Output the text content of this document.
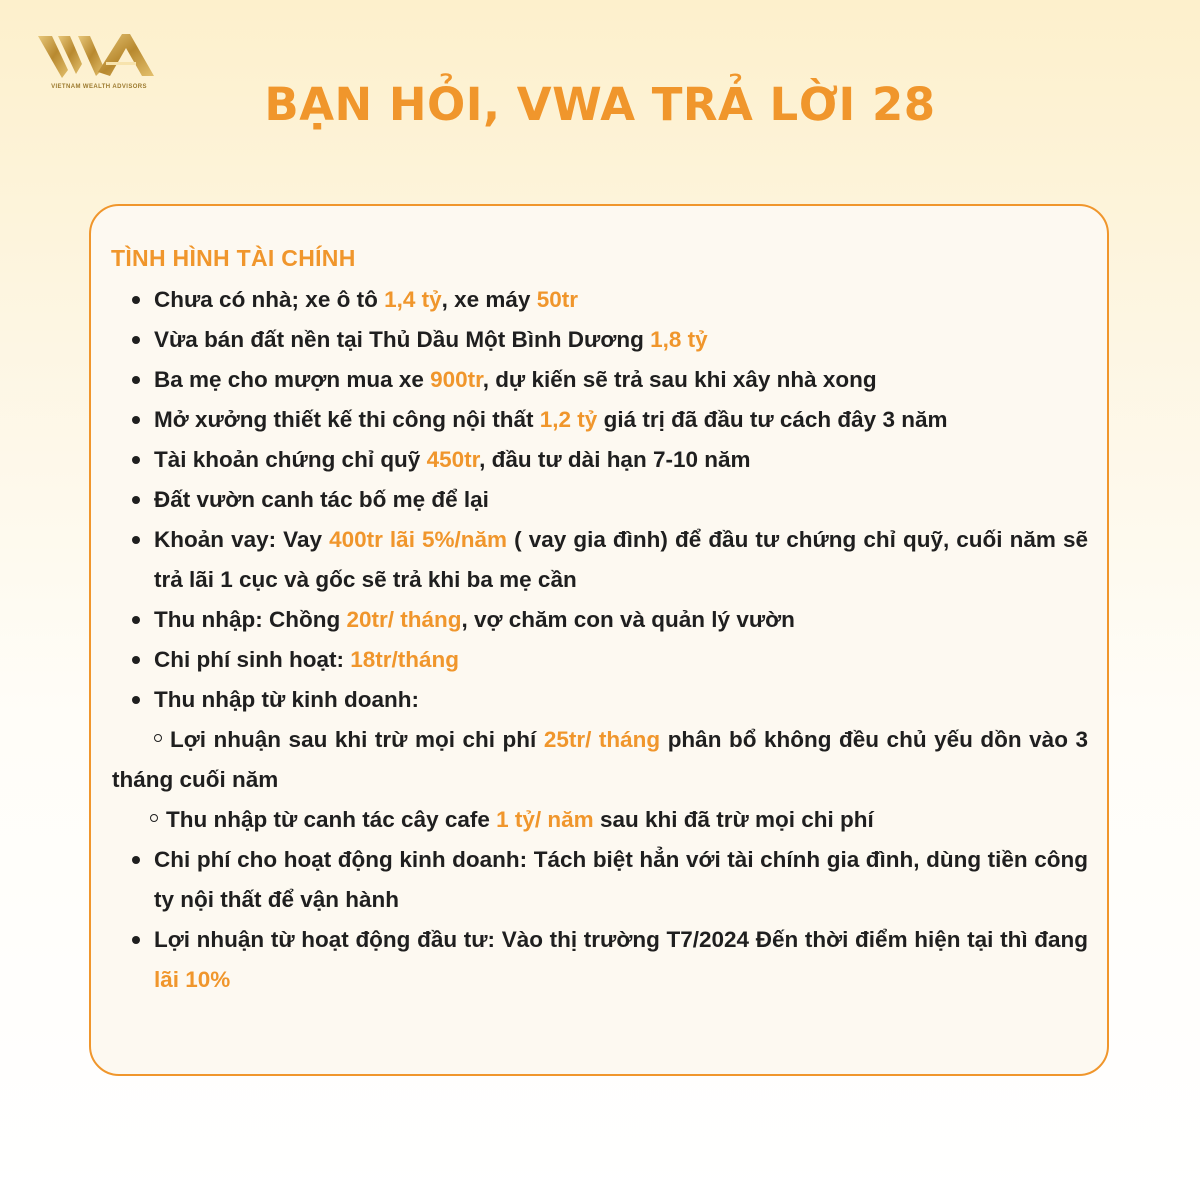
VIETNAM WEALTH ADVISORS	BẠN HỎI, VWA TRẢ LỜI 28
TÌNH HÌNH TÀI CHÍNH
Chưa có nhà; xe ô tô 1,4 tỷ, xe máy 50tr
Vừa bán đất nền tại Thủ Dầu Một Bình Dương 1,8 tỷ
Ba mẹ cho mượn mua xe 900tr, dự kiến sẽ trả sau khi xây nhà xong
Mở xưởng thiết kế thi công nội thất 1,2 tỷ giá trị đã đầu tư cách đây 3 năm
Tài khoản chứng chỉ quỹ 450tr, đầu tư dài hạn 7-10 năm
Đất vườn canh tác bố mẹ để lại
Khoản vay: Vay 400tr lãi 5%/năm ( vay gia đình) để đầu tư chứng chỉ quỹ, cuối năm sẽ trả lãi 1 cục và gốc sẽ trả khi ba mẹ cần
Thu nhập: Chồng 20tr/ tháng, vợ chăm con và quản lý vườn
Chi phí sinh hoạt: 18tr/tháng
Thu nhập từ kinh doanh:
Lợi nhuận sau khi trừ mọi chi phí 25tr/ tháng phân bổ không đều chủ yếu dồn vào 3 tháng cuối năm
Thu nhập từ canh tác cây cafe 1 tỷ/ năm sau khi đã trừ mọi chi phí
Chi phí cho hoạt động kinh doanh: Tách biệt hẳn với tài chính gia đình, dùng tiền công ty nội thất để vận hành
Lợi nhuận từ hoạt động đầu tư: Vào thị trường T7/2024 Đến thời điểm hiện tại thì đang lãi 10%
